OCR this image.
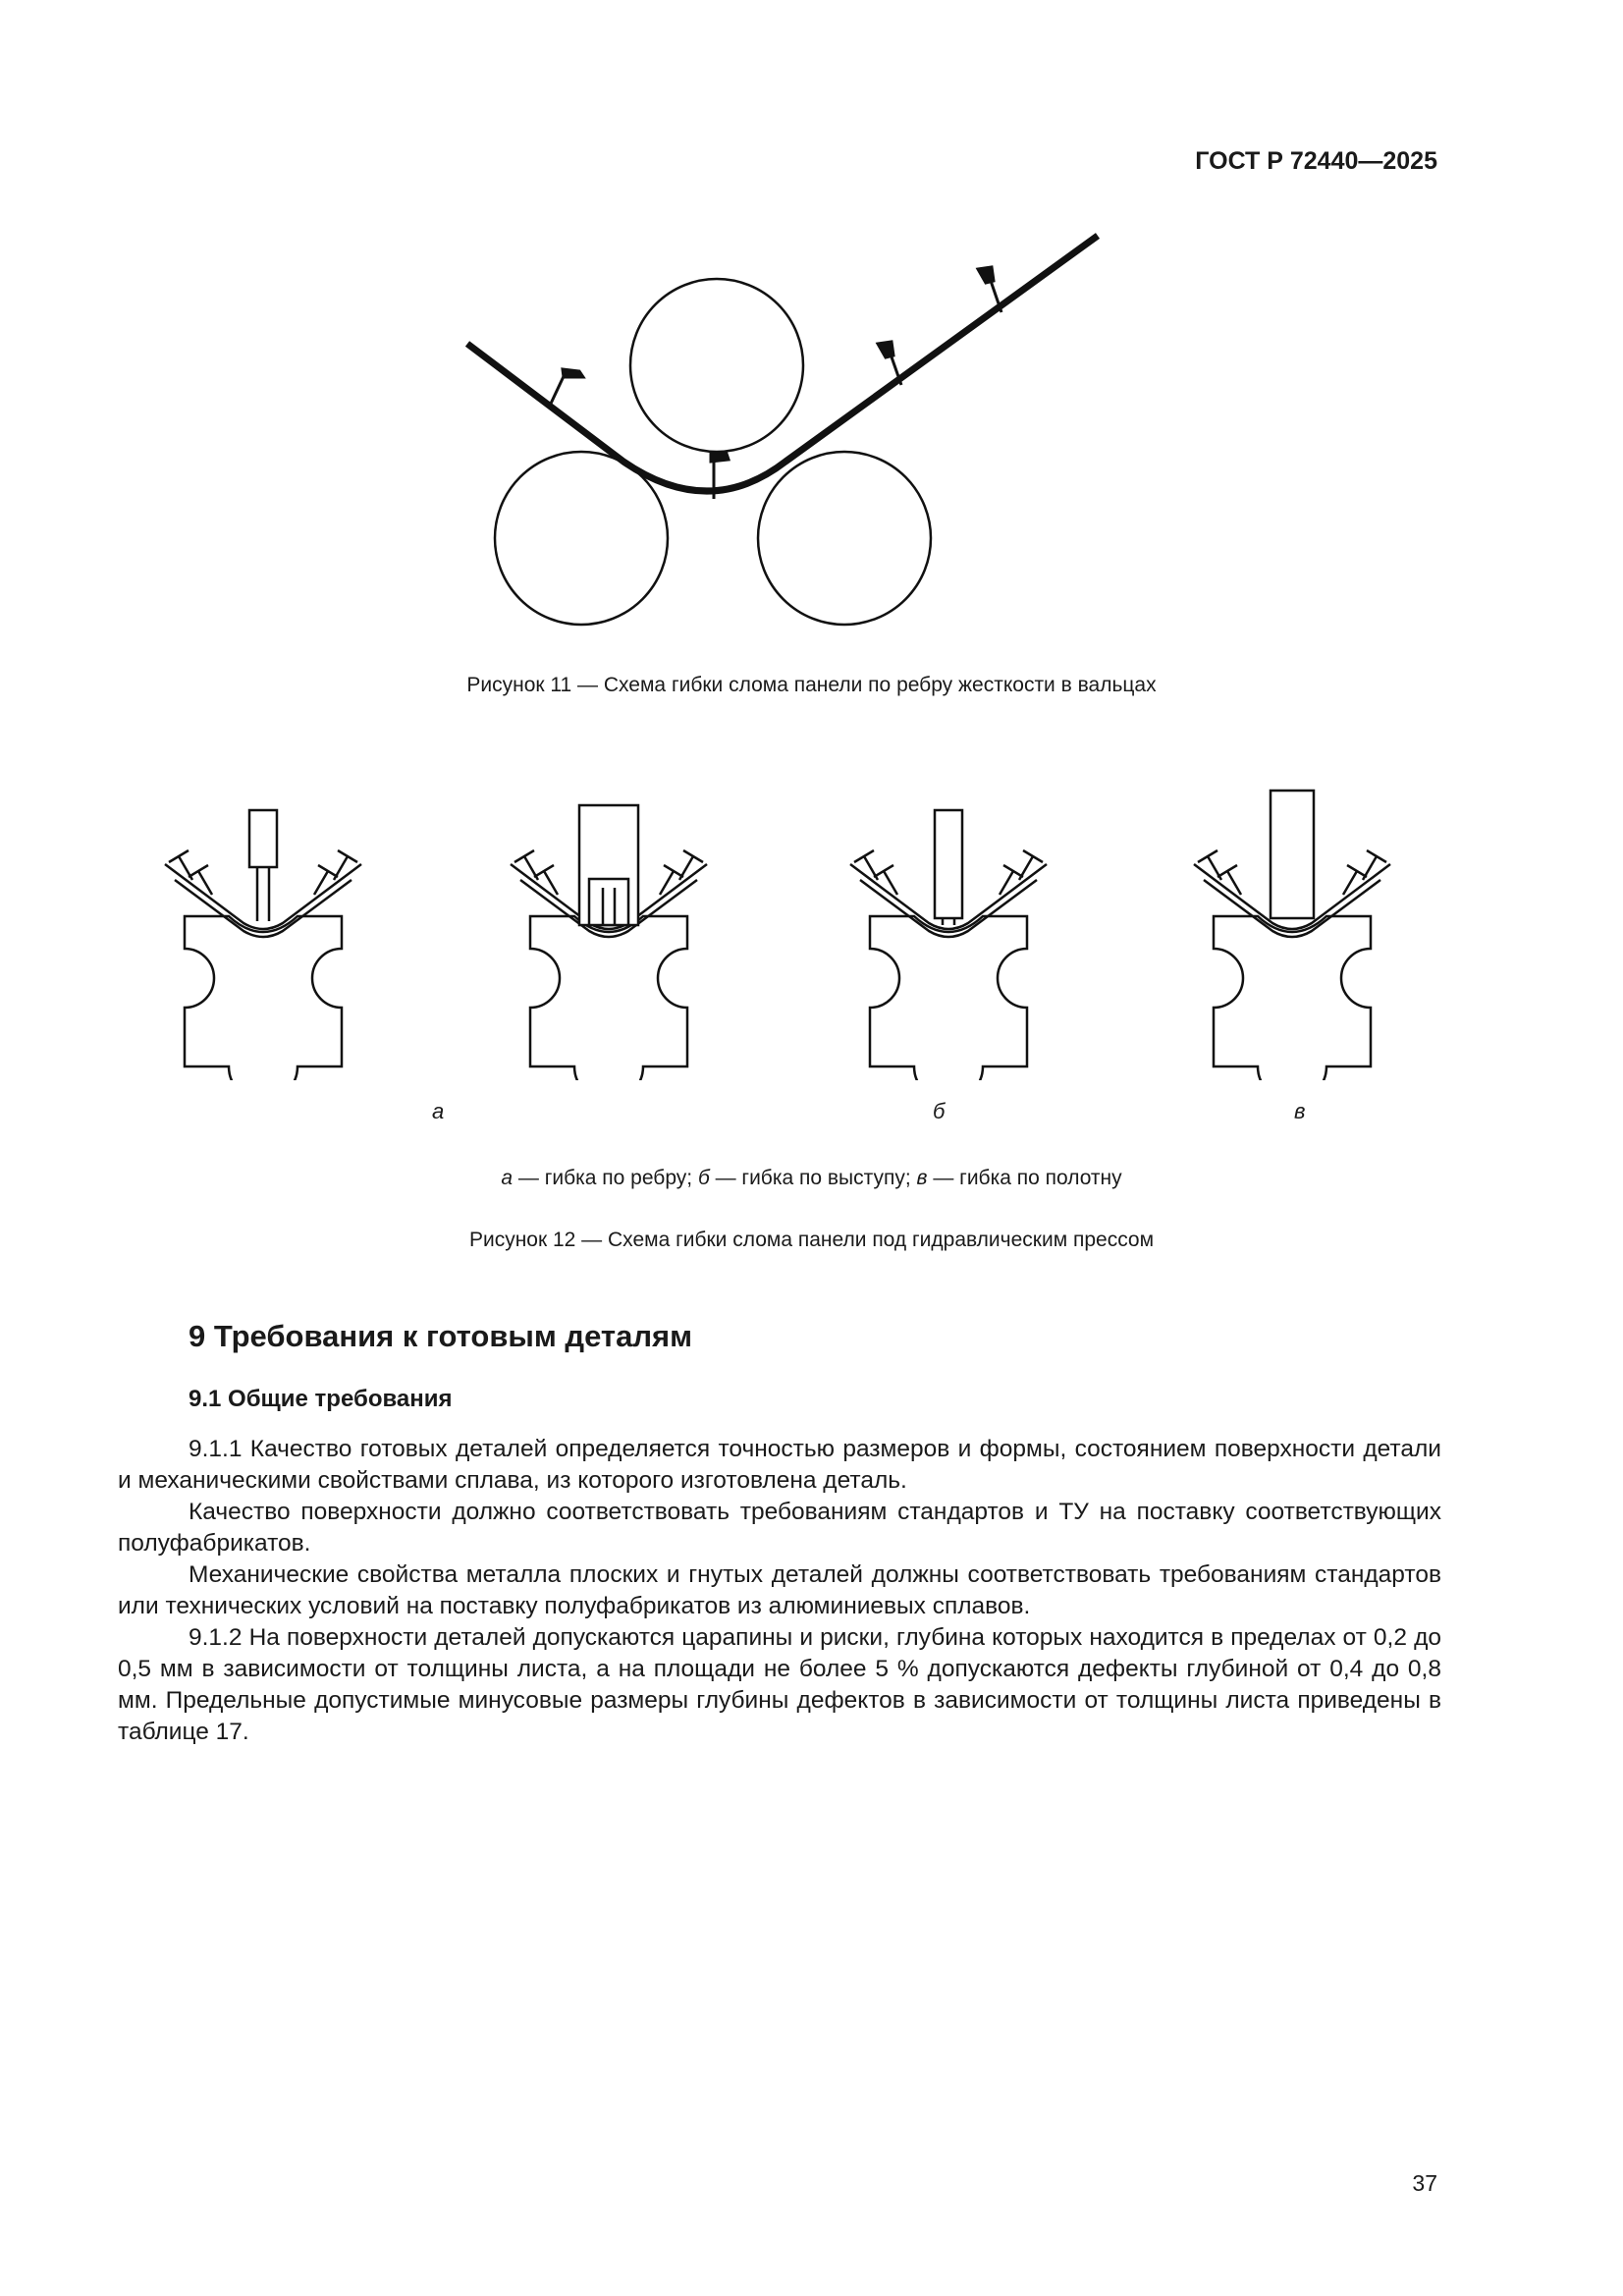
ГОСТ Р 72440—2025
Рисунок 11 — Схема гибки слома панели по ребру жесткости в вальцах
а	б	в
а — гибка по ребру; б — гибка по выступу; в — гибка по полотну
Рисунок 12 — Схема гибки слома панели под гидравлическим прессом
9 Требования к готовым деталям
9.1 Общие требования

9.1.1 Качество готовых деталей определяется точностью размеров и формы, состоянием поверхности детали и механическими свойствами сплава, из которого изготовлена деталь.

Качество поверхности должно соответствовать требованиям стандартов и ТУ на поставку соответствующих полуфабрикатов.

Механические свойства металла плоских и гнутых деталей должны соответствовать требованиям стандартов или технических условий на поставку полуфабрикатов из алюминиевых сплавов.

9.1.2 На поверхности деталей допускаются царапины и риски, глубина которых находится в пределах от 0,2 до 0,5 мм в зависимости от толщины листа, а на площади не более 5 % допускаются дефекты глубиной от 0,4 до 0,8 мм. Предельные допустимые минусовые размеры глубины дефектов в зависимости от толщины листа приведены в таблице 17.

37
